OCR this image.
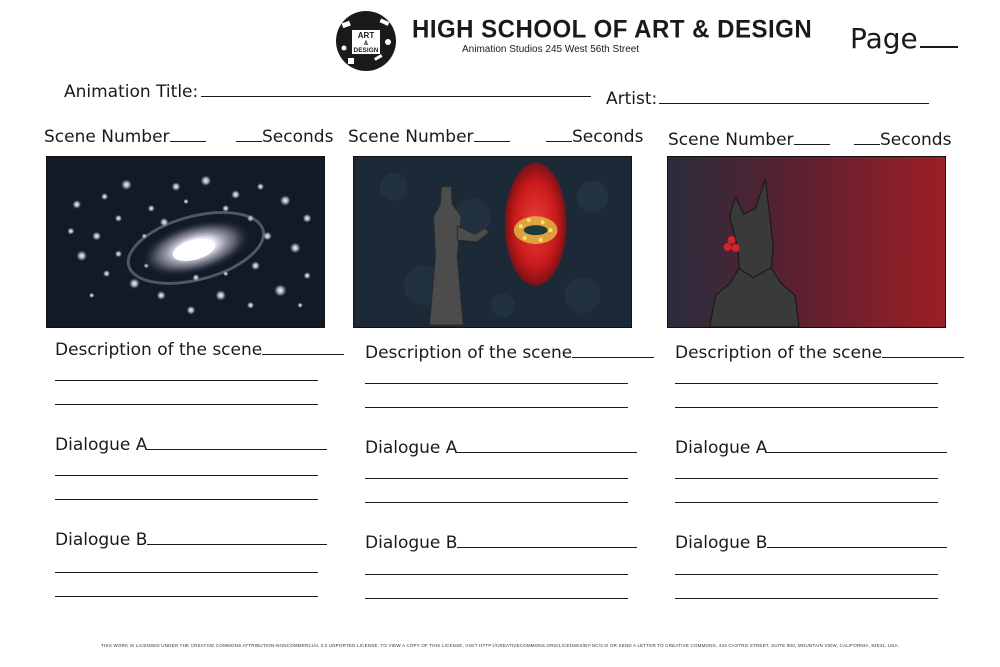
ART
&
DESIGN
HIGH SCHOOL OF ART & DESIGN
Animation Studios 245 West 56th Street	Page
Animation Title:	Artist:
Scene Number	Seconds
Description of the scene
Dialogue A
Dialogue B
Scene Number	Seconds
Description of the scene
Dialogue A
Dialogue B
Scene Number	Seconds
Description of the scene
Dialogue A
Dialogue B
THIS WORK IS LICENSED UNDER THE CREATIVE COMMONS ATTRIBUTION-NONCOMMERCIAL 3.0 UNPORTED LICENSE. TO VIEW A COPY OF THIS LICENSE, VISIT HTTP://CREATIVECOMMONS.ORG/LICENSES/BY-NC/3.0/ OR SEND A LETTER TO CREATIVE COMMONS, 444 CASTRO STREET, SUITE 900, MOUNTAIN VIEW, CALIFORNIA, 94041, USA.
